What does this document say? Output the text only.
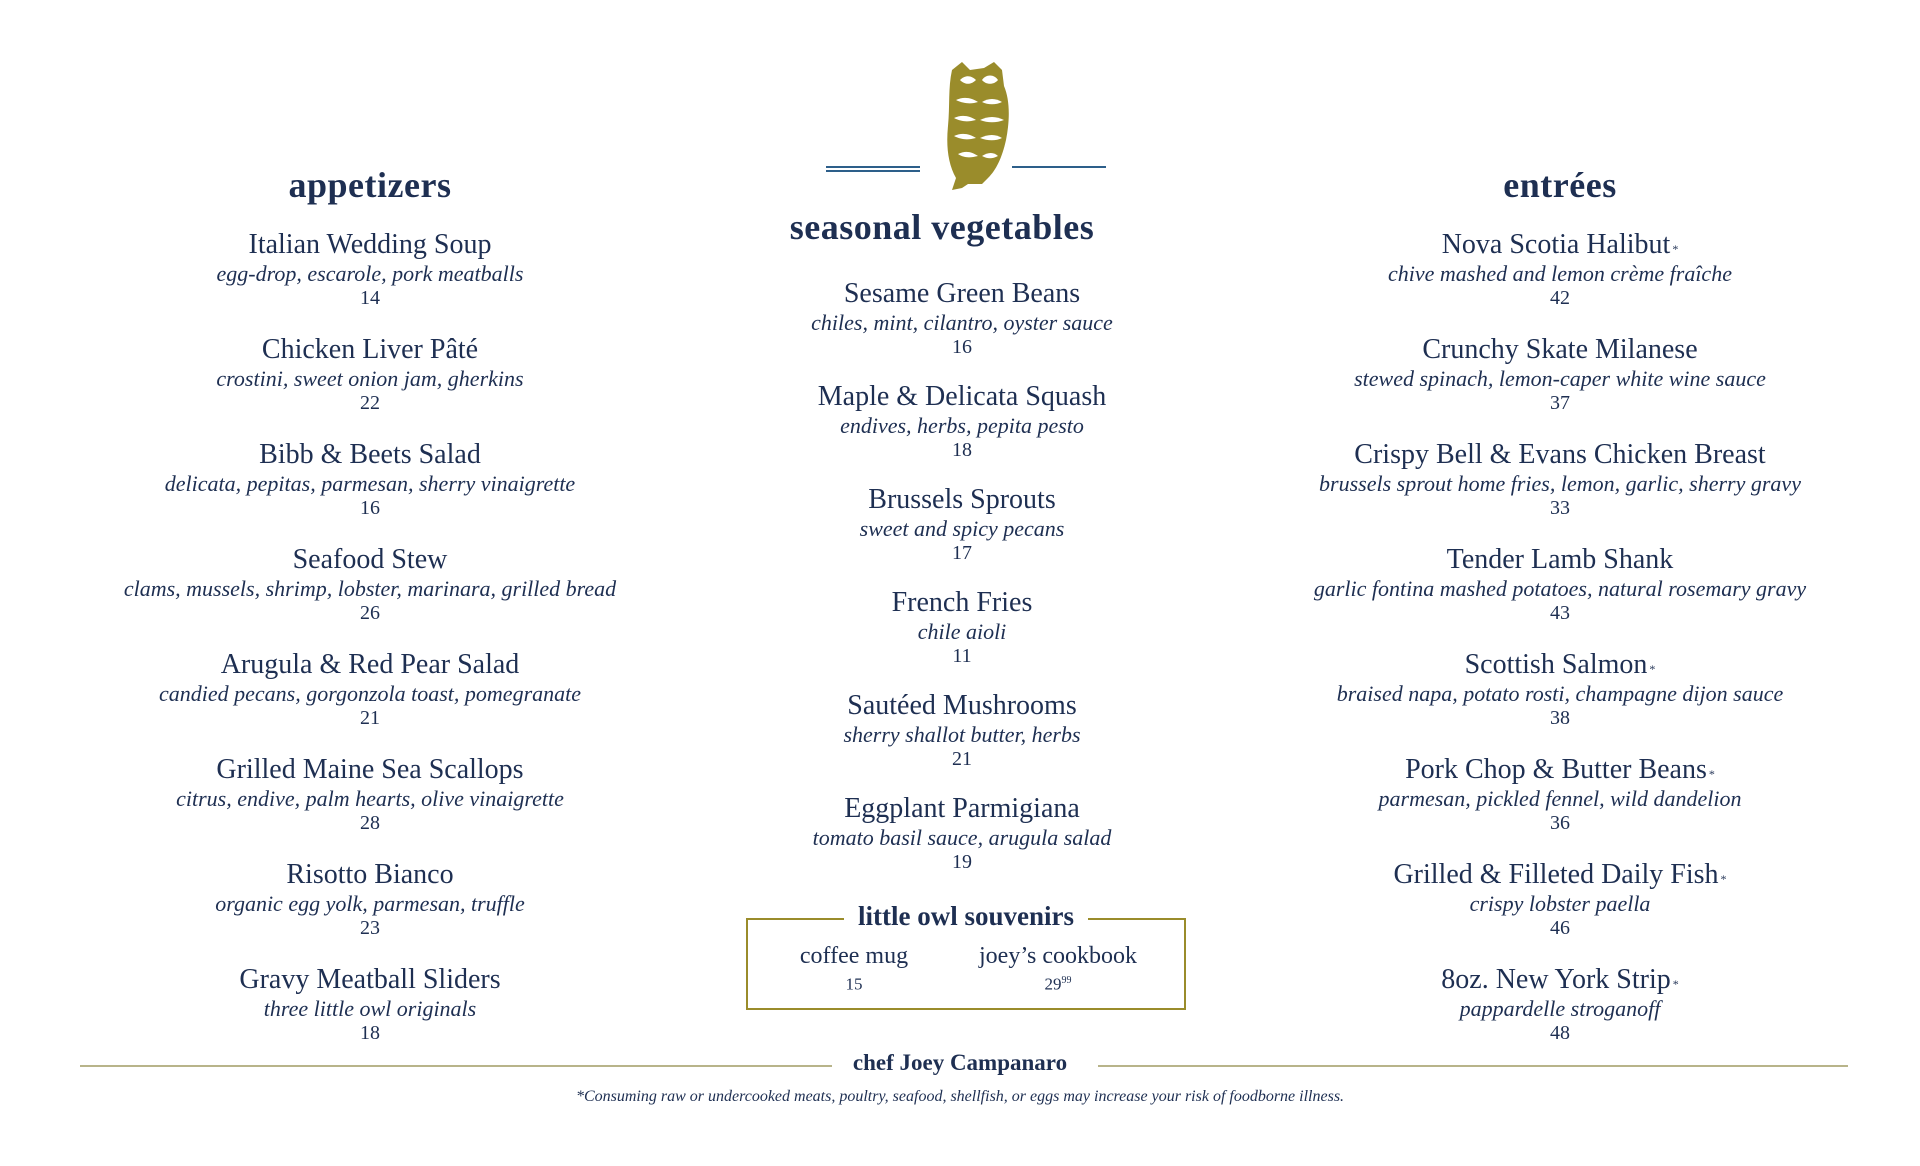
appetizers
Italian Wedding Soup
egg-drop, escarole, pork meatballs
14
Chicken Liver Pâté
crostini, sweet onion jam, gherkins
22
Bibb & Beets Salad
delicata, pepitas, parmesan, sherry vinaigrette
16
Seafood Stew
clams, mussels, shrimp, lobster, marinara, grilled bread
26
Arugula & Red Pear Salad
candied pecans, gorgonzola toast, pomegranate
21
Grilled Maine Sea Scallops
citrus, endive, palm hearts, olive vinaigrette
28
Risotto Bianco
organic egg yolk, parmesan, truffle
23
Gravy Meatball Sliders
three little owl originals
18
seasonal vegetables
Sesame Green Beans
chiles, mint, cilantro, oyster sauce
16
Maple & Delicata Squash
endives, herbs, pepita pesto
18
Brussels Sprouts
sweet and spicy pecans
17
French Fries
chile aioli
11
Sautéed Mushrooms
sherry shallot butter, herbs
21
Eggplant Parmigiana
tomato basil sauce, arugula salad
19
entrées
Nova Scotia Halibut *
chive mashed and lemon crème fraîche
42
Crunchy Skate Milanese
stewed spinach, lemon-caper white wine sauce
37
Crispy Bell & Evans Chicken Breast
brussels sprout home fries, lemon, garlic, sherry gravy
33
Tender Lamb Shank
garlic fontina mashed potatoes, natural rosemary gravy
43
Scottish Salmon *
braised napa, potato rosti, champagne dijon sauce
38
Pork Chop & Butter Beans *
parmesan, pickled fennel, wild dandelion
36
Grilled & Filleted Daily Fish *
crispy lobster paella
46
8oz. New York Strip *
pappardelle stroganoff
48
little owl souvenirs
coffee mug
15
joey’s cookbook
$29^{99}$
chef Joey Campanaro
*Consuming raw or undercooked meats, poultry, seafood, shellfish, or eggs may increase your risk of foodborne illness.
